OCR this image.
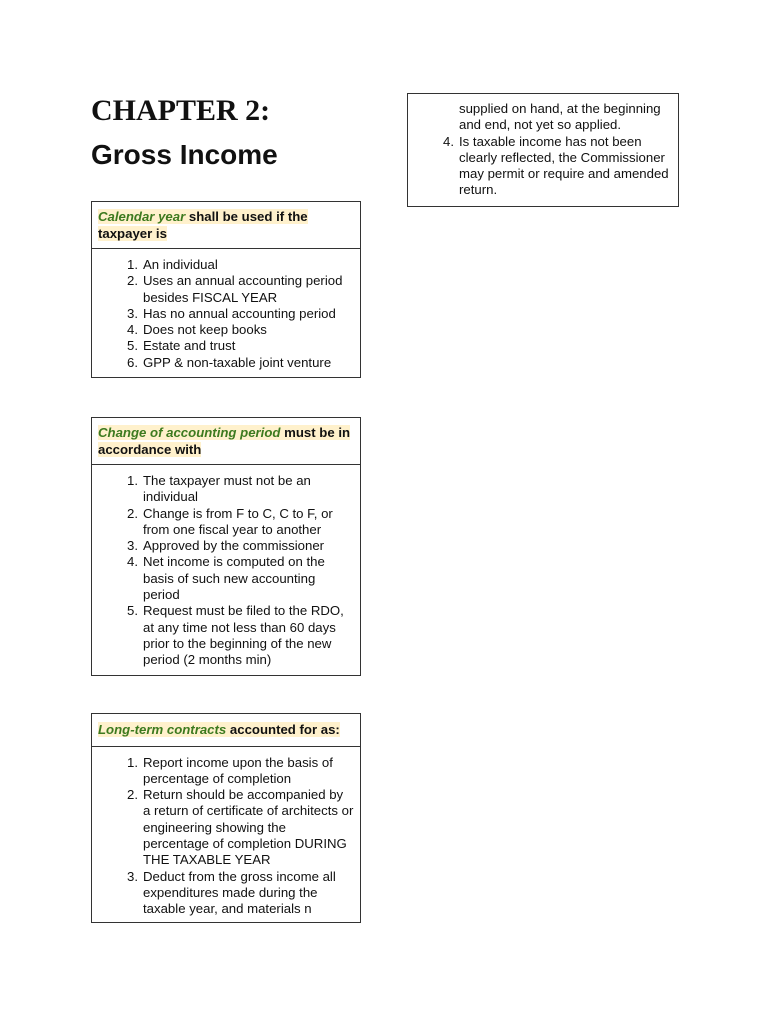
CHAPTER 2:
Gross Income
Calendar year shall be used if the taxpayer is
1. An individual
2. Uses an annual accounting period besides FISCAL YEAR
3. Has no annual accounting period
4. Does not keep books
5. Estate and trust
6. GPP & non-taxable joint venture
Change of accounting period must be in accordance with
1. The taxpayer must not be an individual
2. Change is from F to C, C to F, or from one fiscal year to another
3. Approved by the commissioner
4. Net income is computed on the basis of such new accounting period
5. Request must be filed to the RDO, at any time not less than 60 days prior to the beginning of the new period (2 months min)
Long-term contracts accounted for as:
1. Report income upon the basis of percentage of completion
2. Return should be accompanied by a return of certificate of architects or engineering showing the percentage of completion DURING THE TAXABLE YEAR
3. Deduct from the gross income all expenditures made during the taxable year, and materials n
supplied on hand, at the beginning and end, not yet so applied.
4. Is taxable income has not been clearly reflected, the Commissioner may permit or require and amended return.
